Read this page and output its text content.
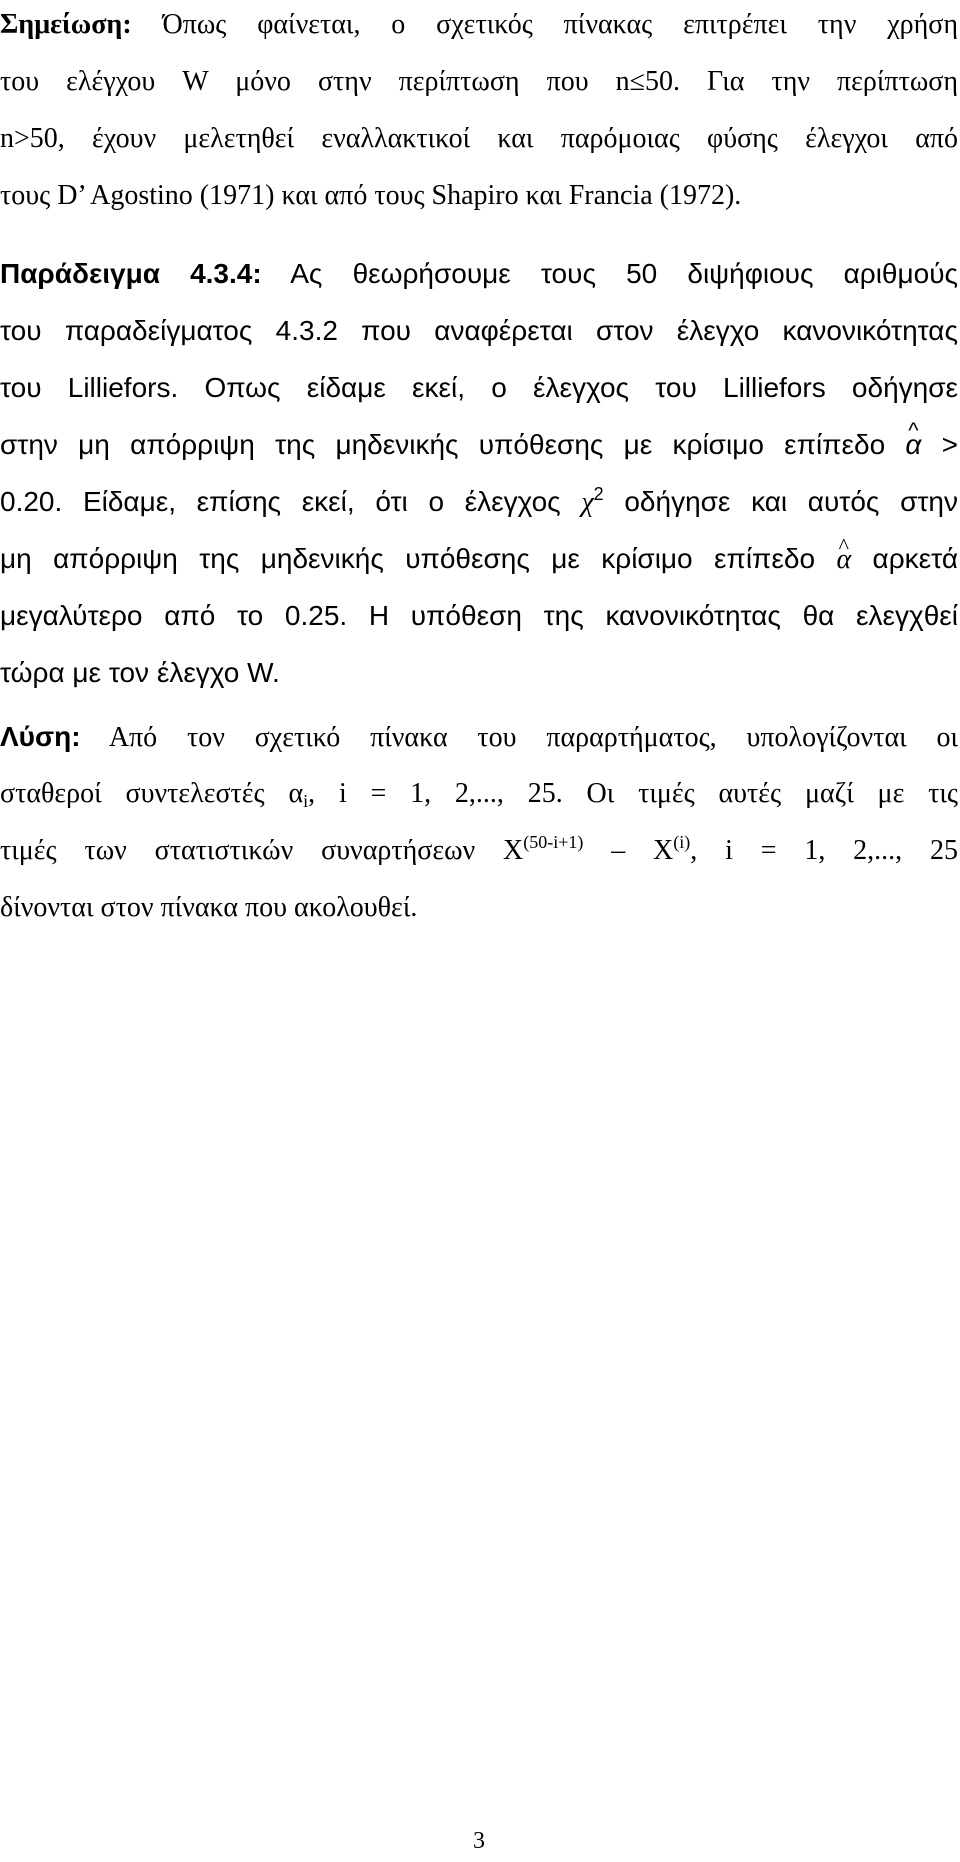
Σημείωση: Όπως φαίνεται, ο σχετικός πίνακας επιτρέπει την χρήση
του ελέγχου W μόνο στην περίπτωση που n≤50. Για την περίπτωση
n>50, έχουν μελετηθεί εναλλακτικοί και παρόμοιας φύσης έλεγχοι από
τους D’ Agostino (1971) και από τους Shapiro και Francia (1972).
Παράδειγμα 4.3.4: Ας θεωρήσουμε τους 50 διψήφιους αριθμούς
του παραδείγματος 4.3.2 που αναφέρεται στον έλεγχο κανονικότητας
του Lilliefors. Οπως είδαμε εκεί, ο έλεγχος του Lilliefors οδήγησε
στην μη απόρριψη της μηδενικής υπόθεσης με κρίσιμο επίπεδο ^ α >
0.20. Είδαμε, επίσης εκεί, ότι ο έλεγχος $\chi^2$ οδήγησε και αυτός στην
μη απόρριψη της μηδενικής υπόθεσης με κρίσιμο επίπεδο ^ α αρκετά
μεγαλύτερο από το 0.25. Η υπόθεση της κανονικότητας θα ελεγχθεί
τώρα με τον έλεγχο W.
Λύση: Από τον σχετικό πίνακα του παραρτήματος, υπολογίζονται οι
σταθεροί συντελεστές $\alpha_i$, i = 1, 2,..., 25. Οι τιμές αυτές μαζί με τις
τιμές των στατιστικών συναρτήσεων $X^{(50-i+1)} - X^{(i)}$, i = 1, 2,..., 25
δίνονται στον πίνακα που ακολουθεί.
3
